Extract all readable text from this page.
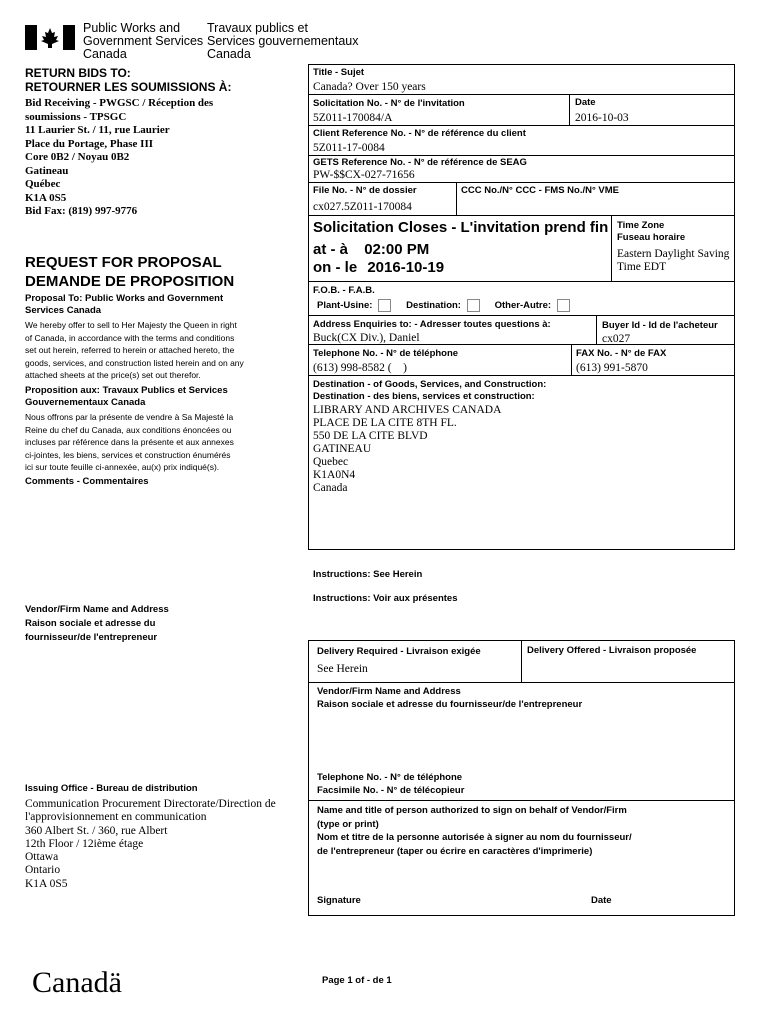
Public Works and
Government Services
Canada
Travaux publics et
Services gouvernementaux
Canada
RETURN BIDS TO:
RETOURNER LES SOUMISSIONS À:
Bid Receiving - PWGSC / Réception des
soumissions - TPSGC
11 Laurier St. / 11, rue Laurier
Place du Portage, Phase III
Core 0B2 / Noyau 0B2
Gatineau
Québec
K1A 0S5
Bid Fax: (819) 997-9776
REQUEST FOR PROPOSAL
DEMANDE DE PROPOSITION
Proposal To: Public Works and Government
Services Canada
We hereby offer to sell to Her Majesty the Queen in right
of Canada, in accordance with the terms and conditions
set out herein, referred to herein or attached hereto, the
goods, services, and construction listed herein and on any
attached sheets at the price(s) set out therefor.
Proposition aux: Travaux Publics et Services
Gouvernementaux Canada
Nous offrons par la présente de vendre à Sa Majesté la
Reine du chef du Canada, aux conditions énoncées ou
incluses par référence dans la présente et aux annexes
ci-jointes, les biens, services et construction énumérés
ici sur toute feuille ci-annexée, au(x) prix indiqué(s).
Comments - Commentaires
Vendor/Firm Name and Address
Raison sociale et adresse du
fournisseur/de l'entrepreneur
Issuing Office - Bureau de distribution
Communication Procurement Directorate/Direction de
l'approvisionnement en communication
360 Albert St. / 360, rue Albert
12th Floor / 12ième étage
Ottawa
Ontario
K1A 0S5
Title - Sujet
Canada? Over 150 years
Solicitation No. - N° de l'invitation
5Z011-170084/A
Date
2016-10-03
Client Reference No. - N° de référence du client
5Z011-17-0084
GETS Reference No. - N° de référence de SEAG
PW-$$CX-027-71656
File No. - N° de dossier
cx027.5Z011-170084
CCC No./N° CCC - FMS No./N° VME
Solicitation Closes - L'invitation prend fin
at - à 02:00 PM
on - le 2016-10-19
Time Zone
Fuseau horaire
Eastern Daylight Saving
Time EDT
F.O.B. - F.A.B.
Plant-Usine:	Destination:	Other-Autre:
Address Enquiries to: - Adresser toutes questions à:
Buck(CX Div.), Daniel
Buyer Id - Id de l'acheteur
cx027
Telephone No. - N° de téléphone
(613) 998-8582 (    )
FAX No. - N° de FAX
(613) 991-5870
Destination - of Goods, Services, and Construction:
Destination - des biens, services et construction:
LIBRARY AND ARCHIVES CANADA
PLACE DE LA CITE 8TH FL.
550 DE LA CITE BLVD
GATINEAU
Quebec
K1A0N4
Canada
Instructions: See Herein
Instructions: Voir aux présentes
Delivery Required - Livraison exigée
See Herein
Delivery Offered - Livraison proposée
Vendor/Firm Name and Address
Raison sociale et adresse du fournisseur/de l'entrepreneur
Telephone No. - N° de téléphone
Facsimile No. - N° de télécopieur
Name and title of person authorized to sign on behalf of Vendor/Firm
(type or print)
Nom et titre de la personne autorisée à signer au nom du fournisseur/
de l'entrepreneur (taper ou écrire en caractères d'imprimerie)
Signature	Date
Page 1 of - de 1
Canadä
